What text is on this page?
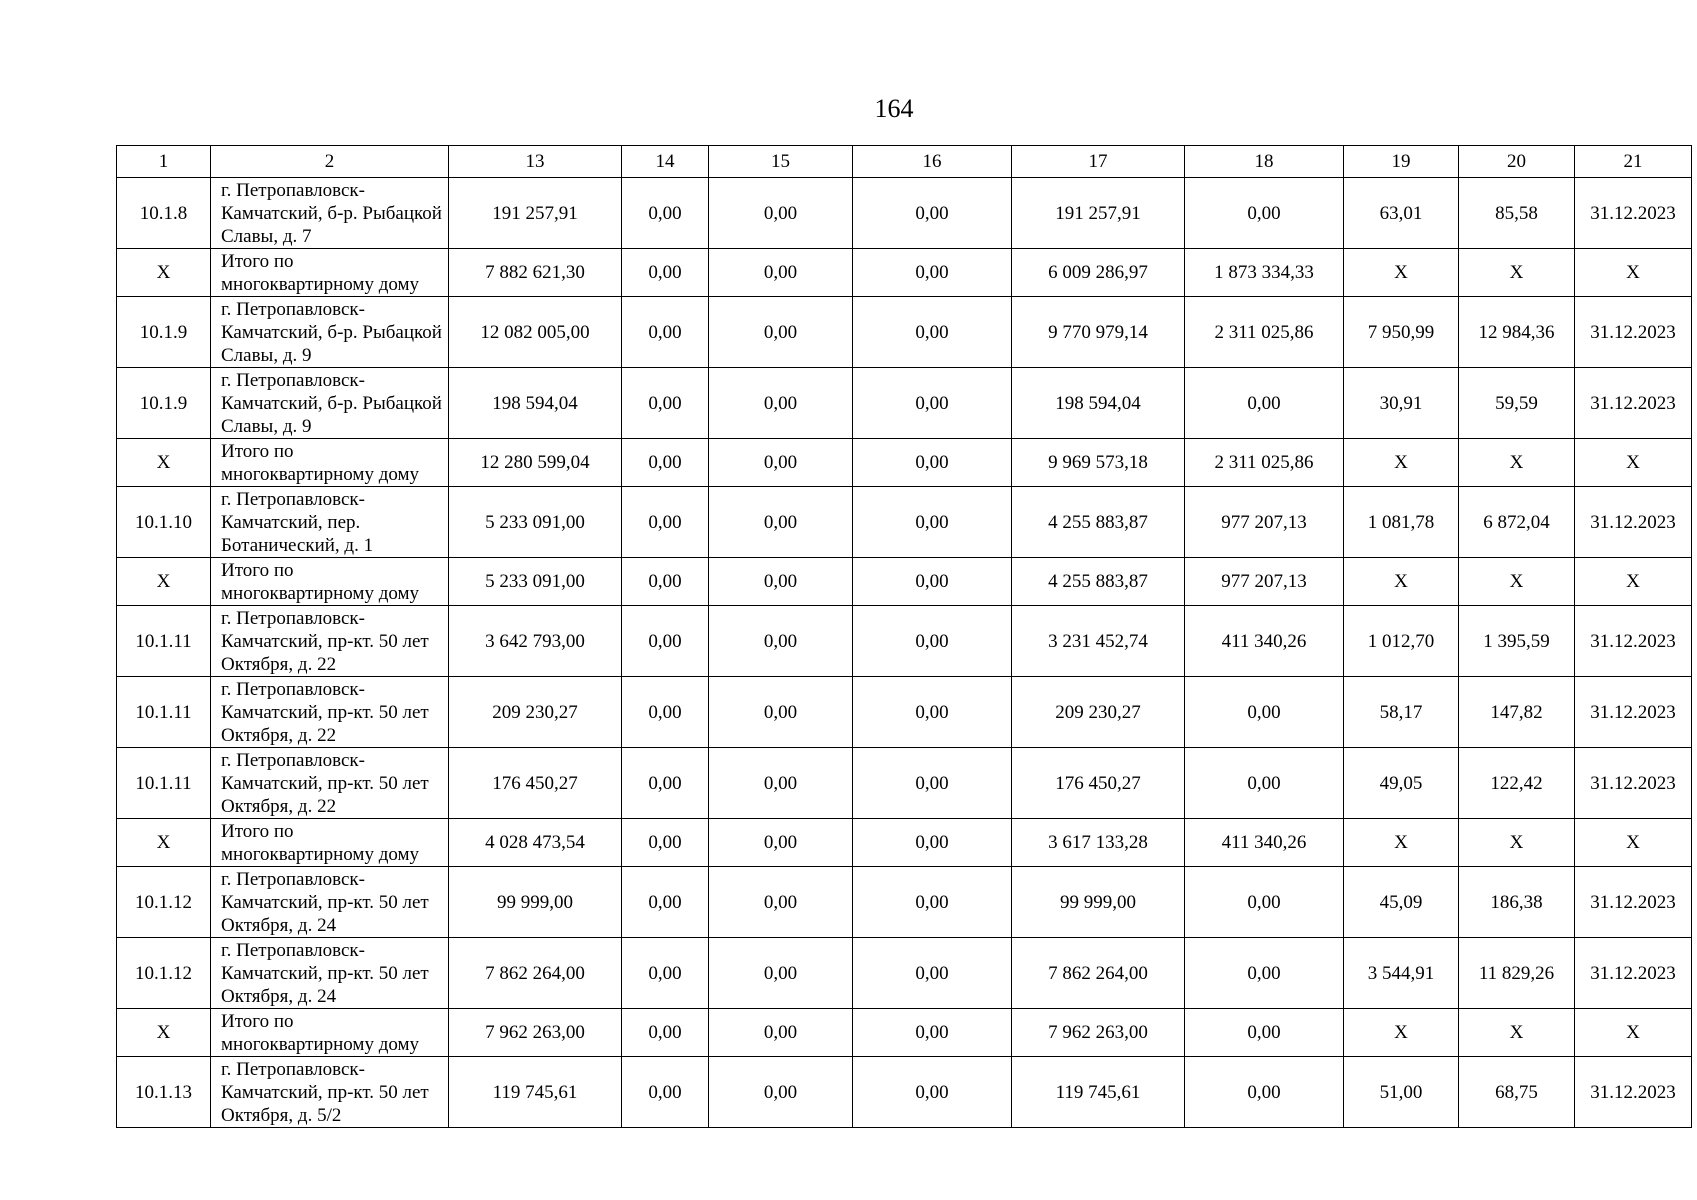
164
1	2	13	14	15	16	17	18	19	20	21
10.1.8	г. Петропавловск-Камчатский, б-р. Рыбацкой Славы, д. 7	191 257,91	0,00	0,00	0,00	191 257,91	0,00	63,01	85,58	31.12.2023
Х	Итого по многоквартирному дому	7 882 621,30	0,00	0,00	0,00	6 009 286,97	1 873 334,33	Х	Х	Х
10.1.9	г. Петропавловск-Камчатский, б-р. Рыбацкой Славы, д. 9	12 082 005,00	0,00	0,00	0,00	9 770 979,14	2 311 025,86	7 950,99	12 984,36	31.12.2023
10.1.9	г. Петропавловск-Камчатский, б-р. Рыбацкой Славы, д. 9	198 594,04	0,00	0,00	0,00	198 594,04	0,00	30,91	59,59	31.12.2023
Х	Итого по многоквартирному дому	12 280 599,04	0,00	0,00	0,00	9 969 573,18	2 311 025,86	Х	Х	Х
10.1.10	г. Петропавловск-Камчатский, пер. Ботанический, д. 1	5 233 091,00	0,00	0,00	0,00	4 255 883,87	977 207,13	1 081,78	6 872,04	31.12.2023
Х	Итого по многоквартирному дому	5 233 091,00	0,00	0,00	0,00	4 255 883,87	977 207,13	Х	Х	Х
10.1.11	г. Петропавловск-Камчатский, пр-кт. 50 лет Октября, д. 22	3 642 793,00	0,00	0,00	0,00	3 231 452,74	411 340,26	1 012,70	1 395,59	31.12.2023
10.1.11	г. Петропавловск-Камчатский, пр-кт. 50 лет Октября, д. 22	209 230,27	0,00	0,00	0,00	209 230,27	0,00	58,17	147,82	31.12.2023
10.1.11	г. Петропавловск-Камчатский, пр-кт. 50 лет Октября, д. 22	176 450,27	0,00	0,00	0,00	176 450,27	0,00	49,05	122,42	31.12.2023
Х	Итого по многоквартирному дому	4 028 473,54	0,00	0,00	0,00	3 617 133,28	411 340,26	Х	Х	Х
10.1.12	г. Петропавловск-Камчатский, пр-кт. 50 лет Октября, д. 24	99 999,00	0,00	0,00	0,00	99 999,00	0,00	45,09	186,38	31.12.2023
10.1.12	г. Петропавловск-Камчатский, пр-кт. 50 лет Октября, д. 24	7 862 264,00	0,00	0,00	0,00	7 862 264,00	0,00	3 544,91	11 829,26	31.12.2023
Х	Итого по многоквартирному дому	7 962 263,00	0,00	0,00	0,00	7 962 263,00	0,00	Х	Х	Х
10.1.13	г. Петропавловск-Камчатский, пр-кт. 50 лет Октября, д. 5/2	119 745,61	0,00	0,00	0,00	119 745,61	0,00	51,00	68,75	31.12.2023
